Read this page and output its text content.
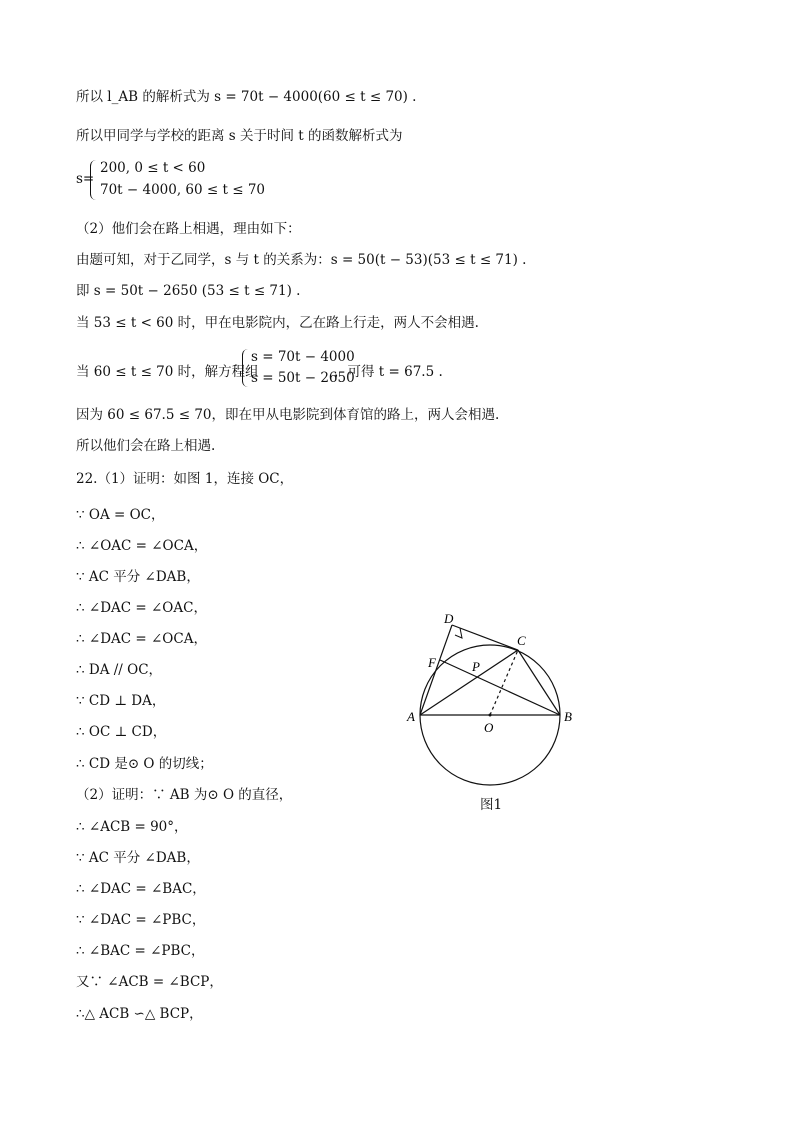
所以 l_AB 的解析式为 s = 70t − 4000(60 ≤ t ≤ 70) .
所以甲同学与学校的距离 s 关于时间 t 的函数解析式为
s=
200, 0 ≤ t < 60
70t − 4000, 60 ≤ t ≤ 70
（2）他们会在路上相遇，理由如下：
由题可知，对于乙同学，s 与 t 的关系为：s = 50(t − 53)(53 ≤ t ≤ 71) .
即 s = 50t − 2650 (53 ≤ t ≤ 71) .
当 53 ≤ t < 60 时，甲在电影院内，乙在路上行走，两人不会相遇.
当 60 ≤ t ≤ 70 时，解方程组
s = 70t − 4000
s = 50t − 2650
，可得 t = 67.5 .
因为 60 ≤ 67.5 ≤ 70，即在甲从电影院到体育馆的路上，两人会相遇.
所以他们会在路上相遇.
22.（1）证明：如图 1，连接 OC，
∵ OA = OC，
∴ ∠OAC = ∠OCA，
∵ AC 平分 ∠DAB，
∴ ∠DAC = ∠OAC，
∴ ∠DAC = ∠OCA，
∴ DA // OC，
∵ CD ⊥ DA，
∴ OC ⊥ CD，
∴ CD 是⊙ O 的切线；
（2）证明：∵ AB 为⊙ O 的直径，
∴ ∠ACB = 90°，
∵ AC 平分 ∠DAB，
∴ ∠DAC = ∠BAC，
∵ ∠DAC = ∠PBC，
∴ ∠BAC = ∠PBC，
又∵ ∠ACB = ∠BCP，
∴△ ACB ∽△ BCP，
D
C
F	P
A
O
B
图1
